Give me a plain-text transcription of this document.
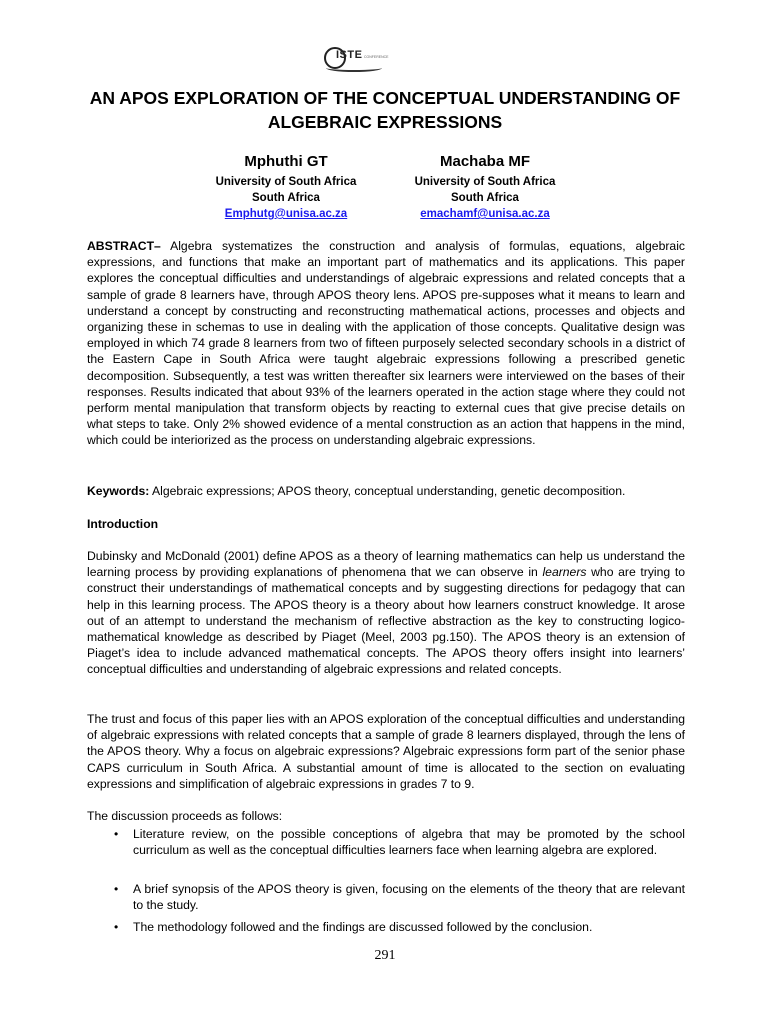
ISTE CONFERENCE
AN APOS EXPLORATION OF THE CONCEPTUAL UNDERSTANDING OF
ALGEBRAIC EXPRESSIONS
Mphuthi GT
University of South Africa
South Africa
Emphutg@unisa.ac.za
Machaba MF
University of South Africa
South Africa
emachamf@unisa.ac.za

ABSTRACT– Algebra systematizes the construction and analysis of formulas, equations, algebraic expressions, and functions that make an important part of mathematics and its applications. This paper explores the conceptual difficulties and understandings of algebraic expressions and related concepts that a sample of grade 8 learners have, through APOS theory lens. APOS pre-supposes what it means to learn and understand a concept by constructing and reconstructing mathematical actions, processes and objects and organizing these in schemas to use in dealing with the application of those concepts. Qualitative design was employed in which 74 grade 8 learners from two of fifteen purposely selected secondary schools in a district of the Eastern Cape in South Africa were taught algebraic expressions following a prescribed genetic decomposition. Subsequently, a test was written thereafter six learners were interviewed on the bases of their responses. Results indicated that about 93% of the learners operated in the action stage where they could not perform mental manipulation that transform objects by reacting to external cues that give precise details on what steps to take. Only 2% showed evidence of a mental construction as an action that happens in the mind, which could be interiorized as the process on understanding algebraic expressions.

Keywords: Algebraic expressions; APOS theory, conceptual understanding, genetic decomposition.

Introduction

Dubinsky and McDonald (2001) define APOS as a theory of learning mathematics can help us understand the learning process by providing explanations of phenomena that we can observe in learners who are trying to construct their understandings of mathematical concepts and by suggesting directions for pedagogy that can help in this learning process. The APOS theory is a theory about how learners construct knowledge. It arose out of an attempt to understand the mechanism of reflective abstraction as the key to constructing logico-mathematical knowledge as described by Piaget (Meel, 2003 pg.150). The APOS theory is an extension of Piaget’s idea to include advanced mathematical concepts. The APOS theory offers insight into learners’ conceptual difficulties and understanding of algebraic expressions and related concepts.

The trust and focus of this paper lies with an APOS exploration of the conceptual difficulties and understanding of algebraic expressions with related concepts that a sample of grade 8 learners displayed, through the lens of the APOS theory. Why a focus on algebraic expressions? Algebraic expressions form part of the senior phase CAPS curriculum in South Africa. A substantial amount of time is allocated to the section on evaluating expressions and simplification of algebraic expressions in grades 7 to 9.

The discussion proceeds as follows:

• Literature review, on the possible conceptions of algebra that may be promoted by the school curriculum as well as the conceptual difficulties learners face when learning algebra are explored.
• A brief synopsis of the APOS theory is given, focusing on the elements of the theory that are relevant to the study.
• The methodology followed and the findings are discussed followed by the conclusion.
291
